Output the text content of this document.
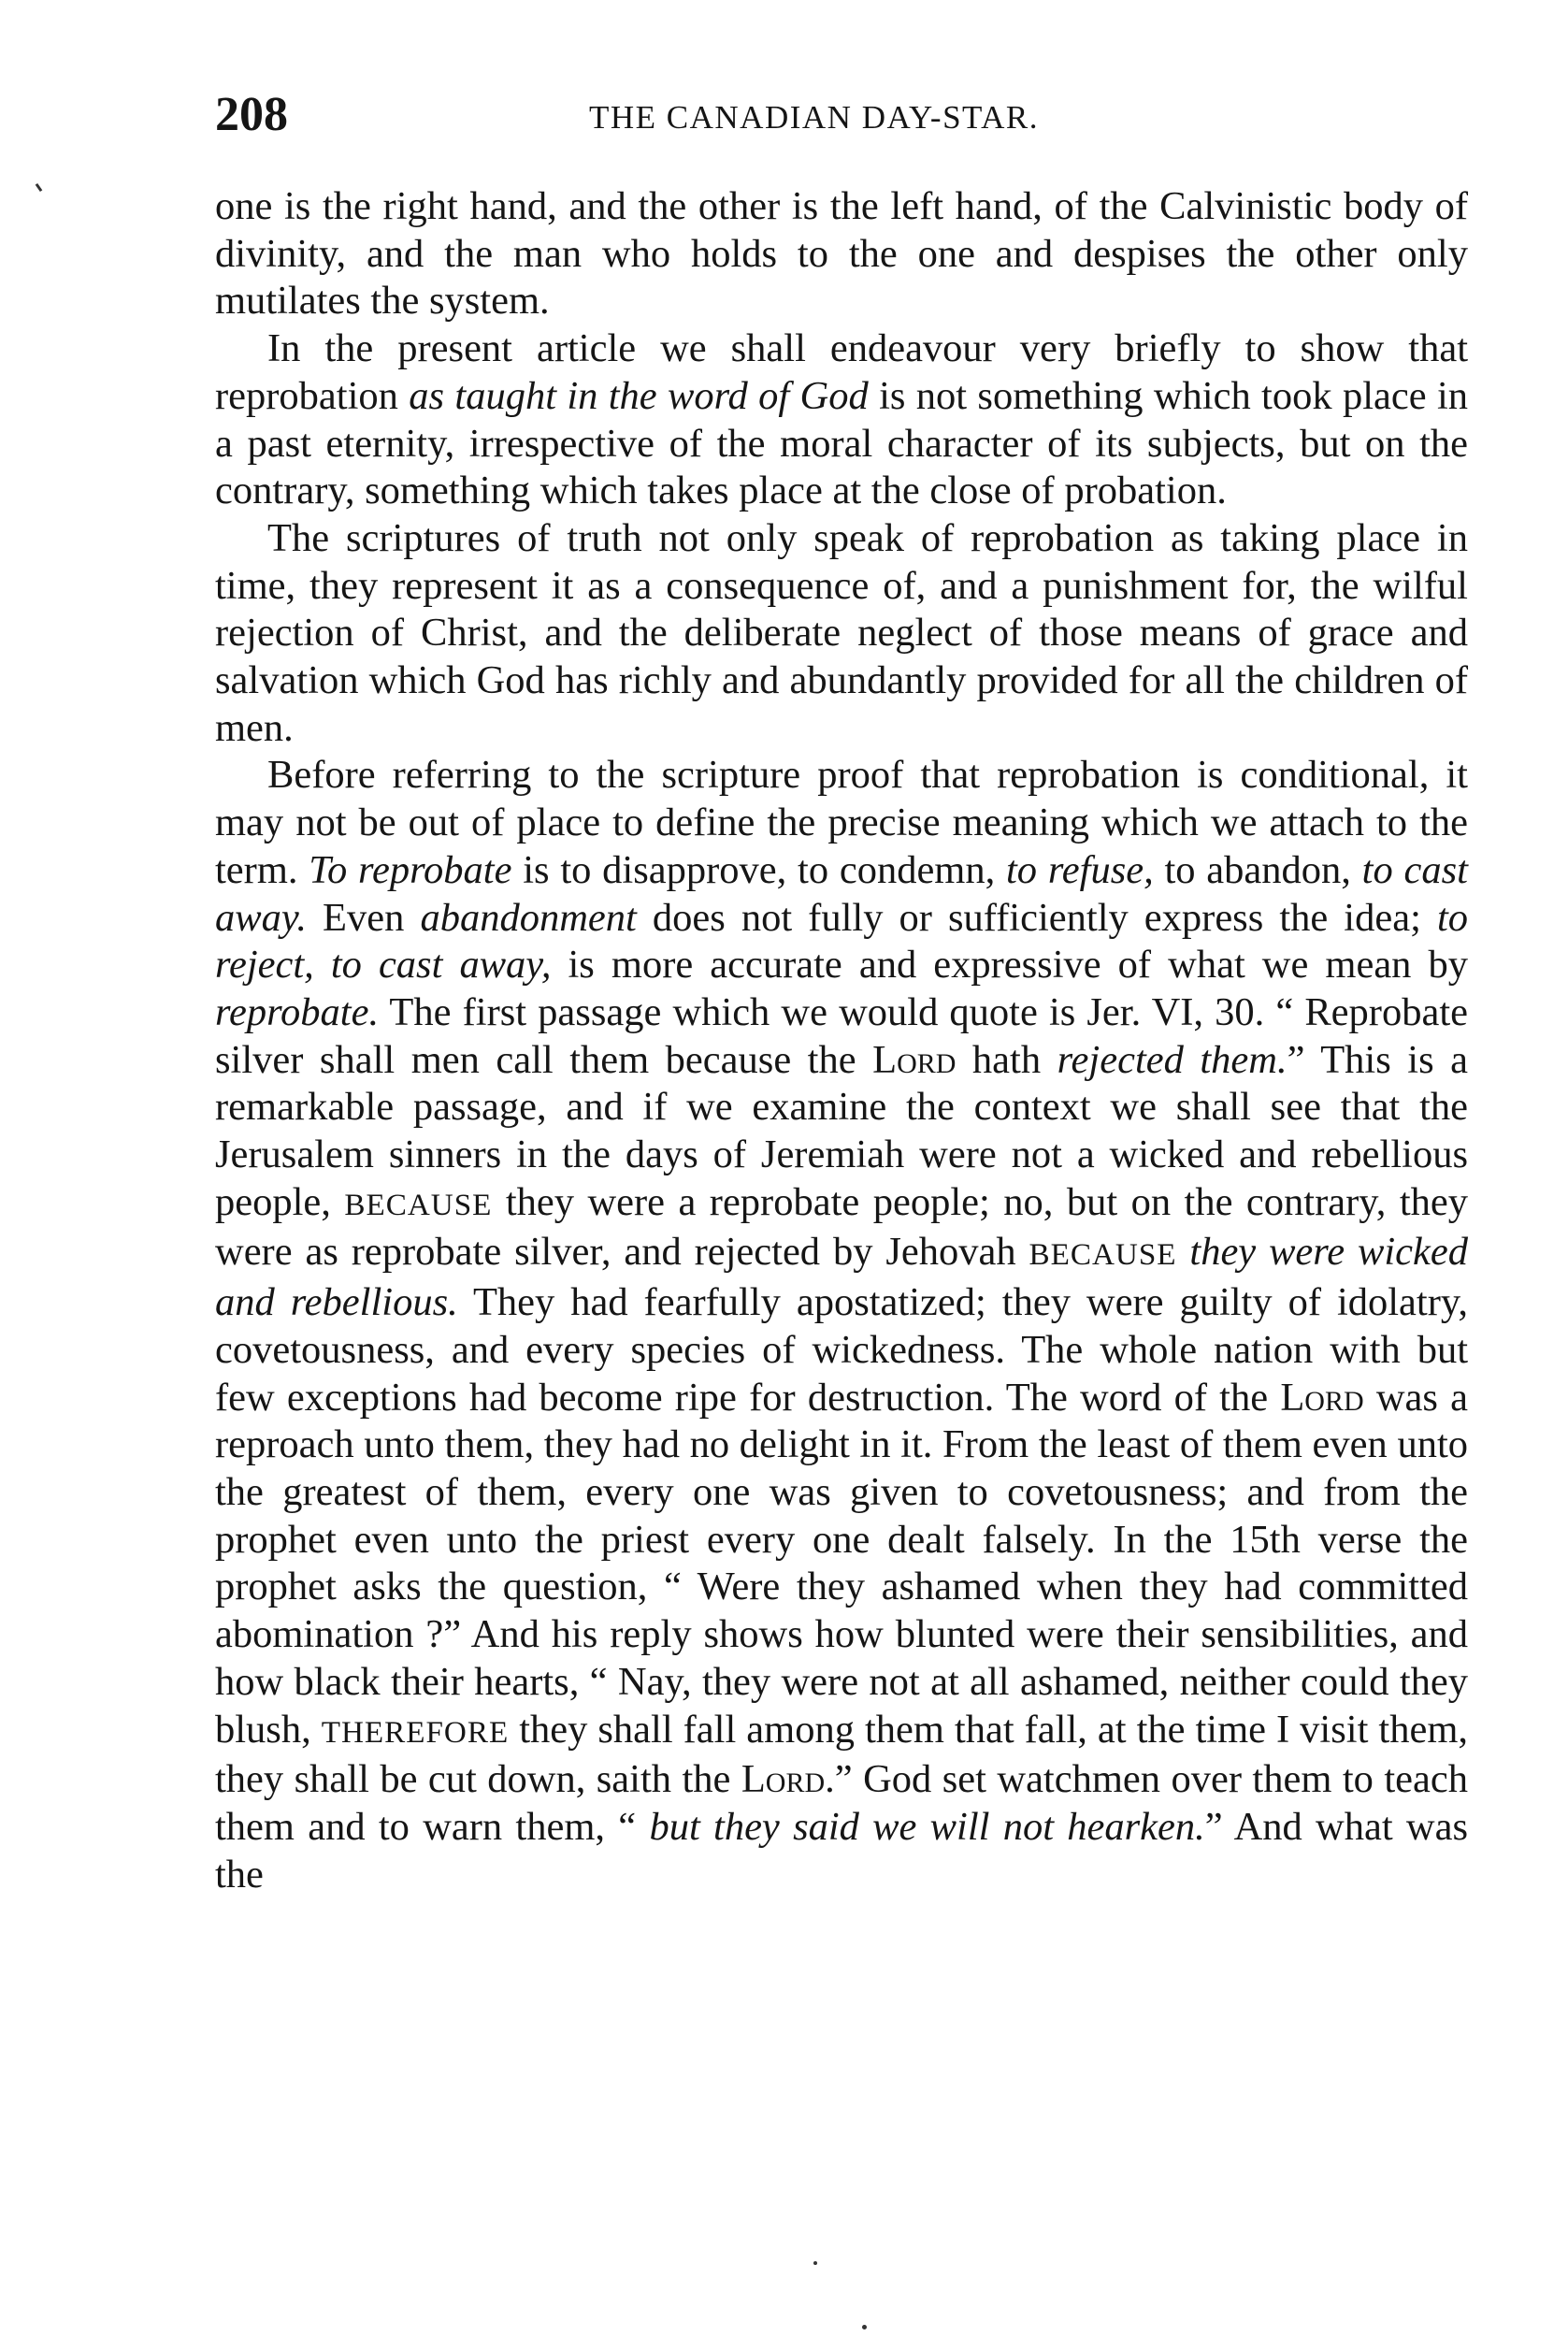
208	THE CANADIAN DAY-STAR.

one is the right hand, and the other is the left hand, of the Calvinistic body of divinity, and the man who holds to the one and despises the other only mutilates the system.

In the present article we shall endeavour very briefly to show that reprobation as taught in the word of God is not something which took place in a past eternity, irrespective of the moral character of its subjects, but on the contrary, something which takes place at the close of probation.

The scriptures of truth not only speak of reprobation as taking place in time, they represent it as a consequence of, and a punishment for, the wilful rejection of Christ, and the deliberate neglect of those means of grace and salvation which God has richly and abundantly provided for all the children of men.

Before referring to the scripture proof that reprobation is conditional, it may not be out of place to define the precise meaning which we attach to the term. To reprobate is to disapprove, to condemn, to refuse, to abandon, to cast away. Even abandonment does not fully or sufficiently express the idea; to reject, to cast away, is more accurate and expressive of what we mean by reprobate. The first passage which we would quote is Jer. VI, 30. “ Reprobate silver shall men call them because the Lord hath rejected them.” This is a remarkable passage, and if we examine the context we shall see that the Jerusalem sinners in the days of Jeremiah were not a wicked and rebellious people, BECAUSE they were a reprobate people; no, but on the contrary, they were as reprobate silver, and rejected by Jehovah BECAUSE they were wicked and rebellious. They had fearfully apostatized; they were guilty of idolatry, covetousness, and every species of wickedness. The whole nation with but few exceptions had become ripe for destruction. The word of the Lord was a reproach unto them, they had no delight in it. From the least of them even unto the greatest of them, every one was given to covetousness; and from the prophet even unto the priest every one dealt falsely. In the 15th verse the prophet asks the question, “ Were they ashamed when they had committed abomination ?” And his reply shows how blunted were their sensibilities, and how black their hearts, “ Nay, they were not at all ashamed, neither could they blush, THEREFORE they shall fall among them that fall, at the time I visit them, they shall be cut down, saith the Lord.” God set watchmen over them to teach them and to warn them, “ but they said we will not hearken.” And what was the
